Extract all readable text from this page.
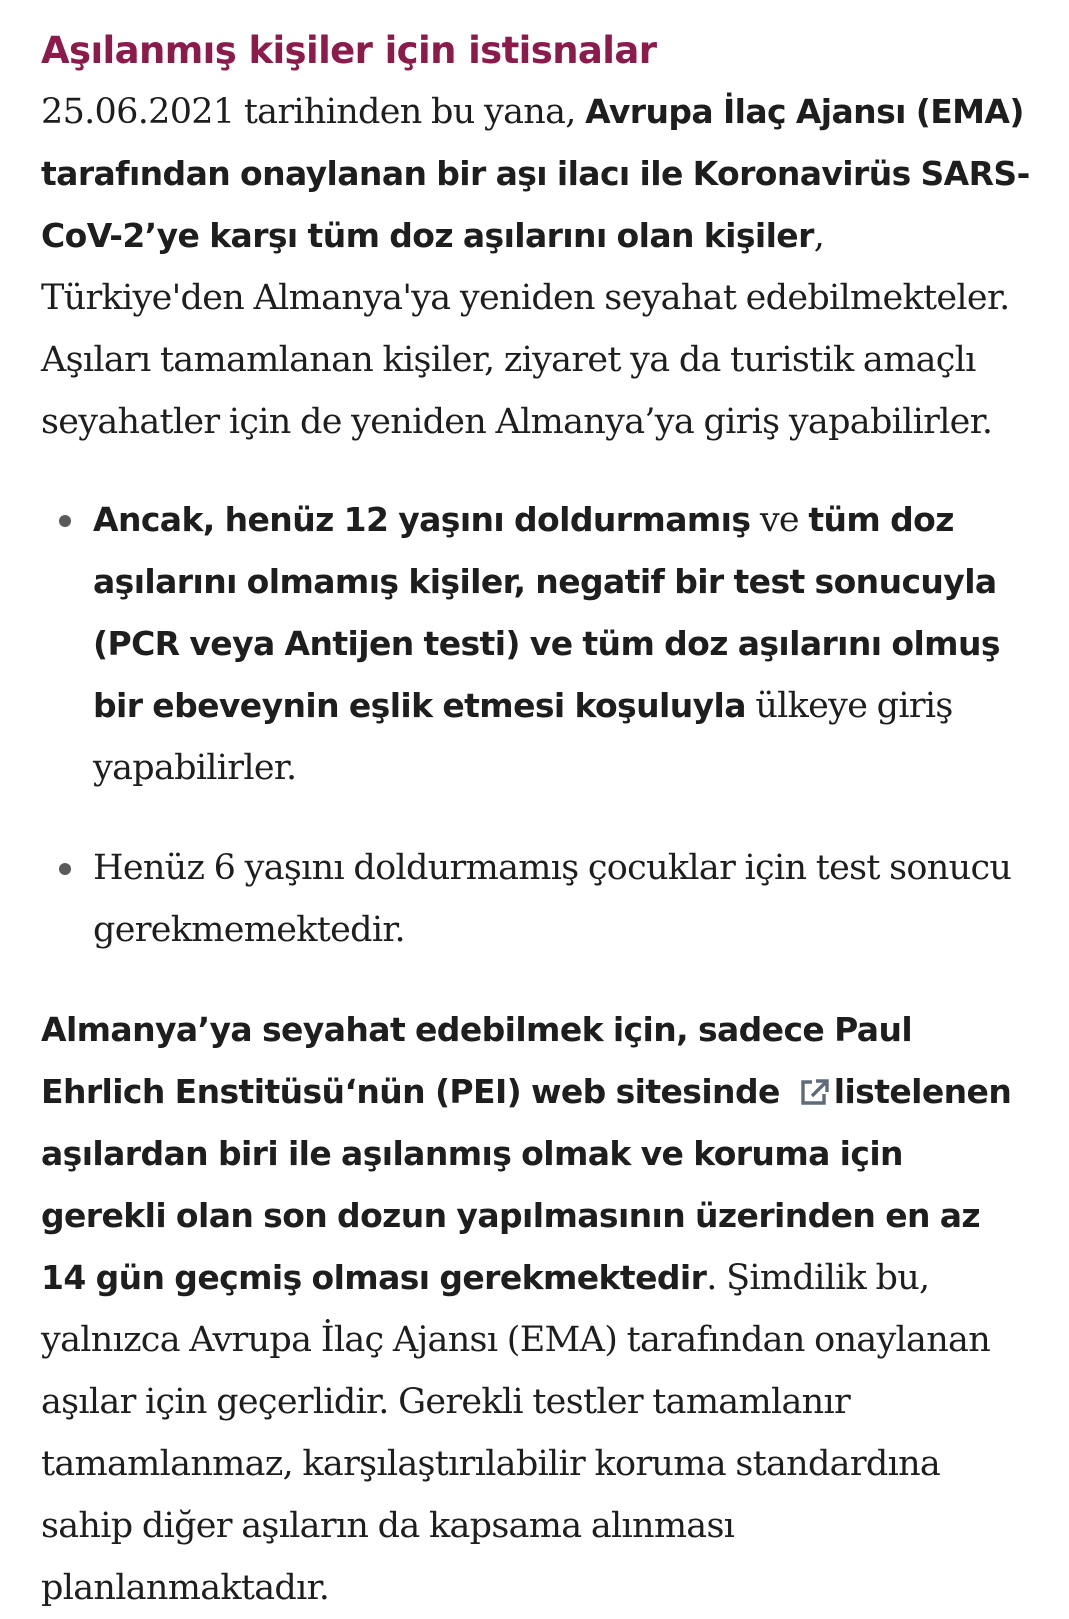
Aşılanmış kişiler için istisnalar

25.06.2021 tarihinden bu yana, Avrupa İlaç Ajansı (EMA) tarafından onaylanan bir aşı ilacı ile Koronavirüs SARS-CoV-2’ye karşı tüm doz aşılarını olan kişiler, Türkiye'den Almanya'ya yeniden seyahat edebilmekteler. Aşıları tamamlanan kişiler, ziyaret ya da turistik amaçlı seyahatler için de yeniden Almanya’ya giriş yapabilirler.

Ancak, henüz 12 yaşını doldurmamış ve tüm doz aşılarını olmamış kişiler, negatif bir test sonucuyla (PCR veya Antijen testi) ve tüm doz aşılarını olmuş bir ebeveynin eşlik etmesi koşuluyla ülkeye giriş yapabilirler.
Henüz 6 yaşını doldurmamış çocuklar için test sonucu gerekmemektedir.

Almanya’ya seyahat edebilmek için, sadece Paul Ehrlich Enstitüsü‘nün (PEI) web sitesinde listelenen aşılardan biri ile aşılanmış olmak ve koruma için gerekli olan son dozun yapılmasının üzerinden en az 14 gün geçmiş olması gerekmektedir. Şimdilik bu, yalnızca Avrupa İlaç Ajansı (EMA) tarafından onaylanan aşılar için geçerlidir. Gerekli testler tamamlanır tamamlanmaz, karşılaştırılabilir koruma standardına sahip diğer aşıların da kapsama alınması planlanmaktadır.
